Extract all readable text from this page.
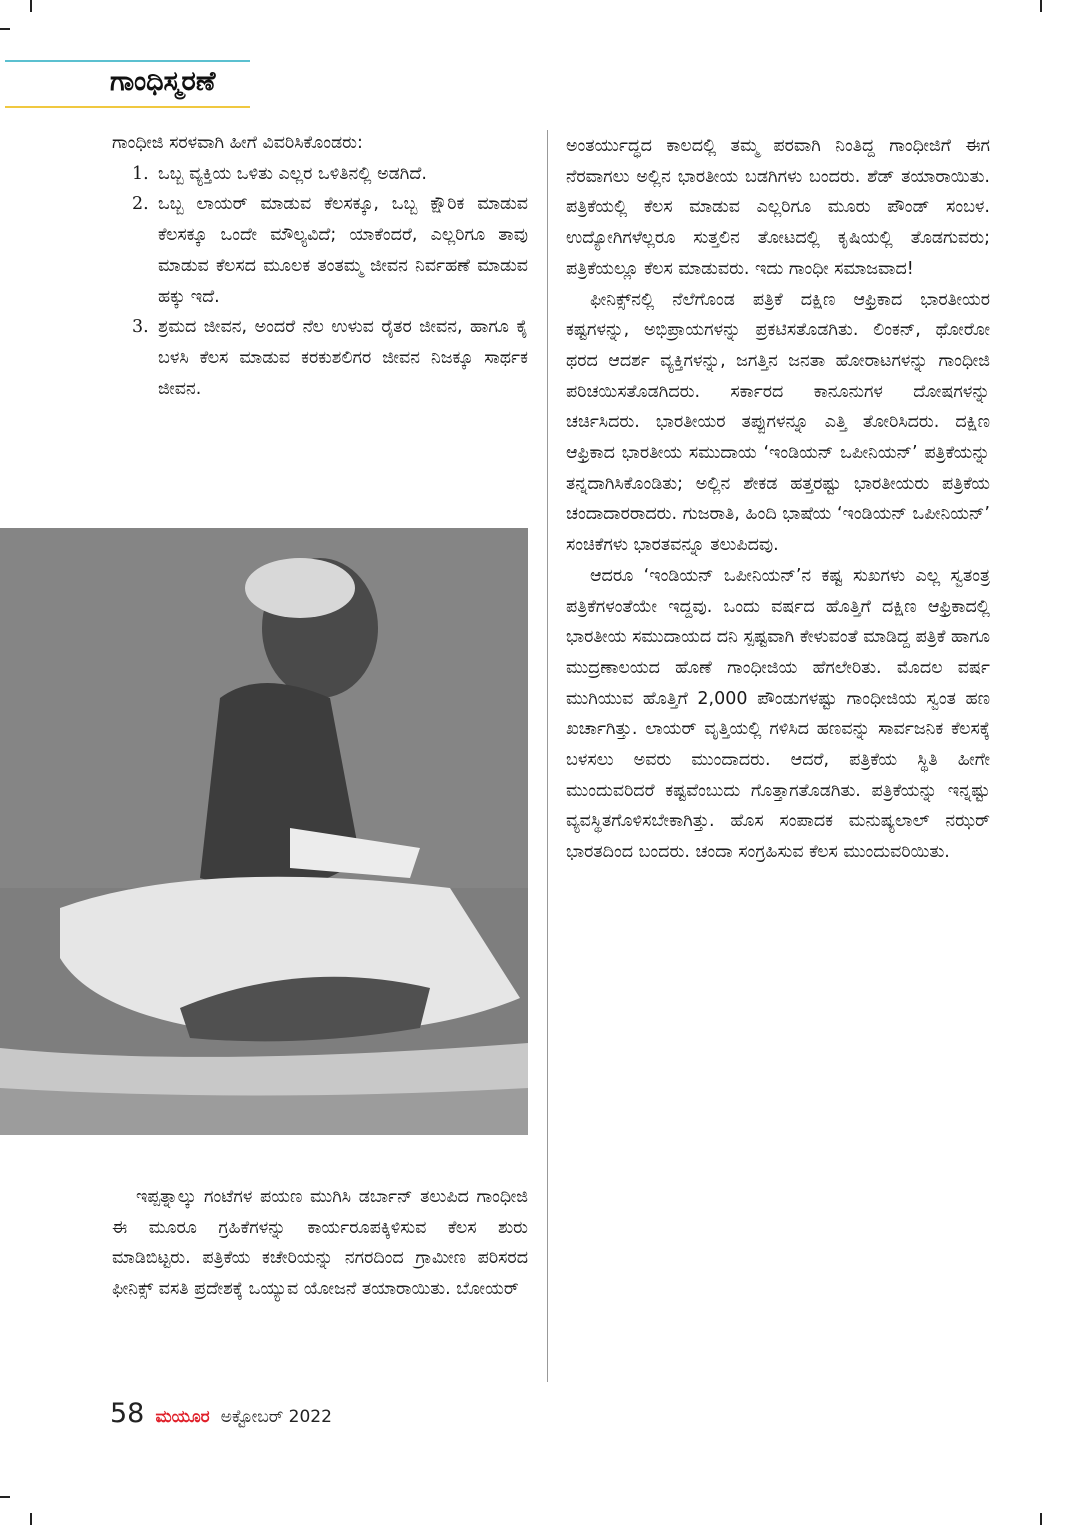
ಗಾಂಧಿಸ್ಮರಣೆ

ಗಾಂಧೀಜಿ ಸರಳವಾಗಿ ಹೀಗೆ ವಿವರಿಸಿಕೊಂಡರು:

1. ಒಬ್ಬ ವ್ಯಕ್ತಿಯ ಒಳಿತು ಎಲ್ಲರ ಒಳಿತಿನಲ್ಲಿ ಅಡಗಿದೆ.
2. ಒಬ್ಬ ಲಾಯರ್ ಮಾಡುವ ಕೆಲಸಕ್ಕೂ, ಒಬ್ಬ ಕ್ಷೌರಿಕ ಮಾಡುವ ಕೆಲಸಕ್ಕೂ ಒಂದೇ ಮೌಲ್ಯವಿದೆ; ಯಾಕೆಂದರೆ, ಎಲ್ಲರಿಗೂ ತಾವು ಮಾಡುವ ಕೆಲಸದ ಮೂಲಕ ತಂತಮ್ಮ ಜೀವನ ನಿರ್ವಹಣೆ ಮಾಡುವ ಹಕ್ಕು ಇದೆ.
3. ಶ್ರಮದ ಜೀವನ, ಅಂದರೆ ನೆಲ ಉಳುವ ರೈತರ ಜೀವನ, ಹಾಗೂ ಕೈ ಬಳಸಿ ಕೆಲಸ ಮಾಡುವ ಕರಕುಶಲಿಗರ ಜೀವನ ನಿಜಕ್ಕೂ ಸಾರ್ಥಕ ಜೀವನ.

ಇಪ್ಪತ್ನಾಲ್ಕು ಗಂಟೆಗಳ ಪಯಣ ಮುಗಿಸಿ ಡರ್ಬಾನ್ ತಲುಪಿದ ಗಾಂಧೀಜಿ ಈ ಮೂರೂ ಗ್ರಹಿಕೆಗಳನ್ನು ಕಾರ್ಯರೂಪಕ್ಕಿಳಿಸುವ ಕೆಲಸ ಶುರು ಮಾಡಿಬಿಟ್ಟರು. ಪತ್ರಿಕೆಯ ಕಚೇರಿಯನ್ನು ನಗರದಿಂದ ಗ್ರಾಮೀಣ ಪರಿಸರದ ಫೀನಿಕ್ಸ್ ವಸತಿ ಪ್ರದೇಶಕ್ಕೆ ಒಯ್ಯುವ ಯೋಜನೆ ತಯಾರಾಯಿತು. ಬೋಯರ್

ಅಂತರ್ಯುದ್ಧದ ಕಾಲದಲ್ಲಿ ತಮ್ಮ ಪರವಾಗಿ ನಿಂತಿದ್ದ ಗಾಂಧೀಜಿಗೆ ಈಗ ನೆರವಾಗಲು ಅಲ್ಲಿನ ಭಾರತೀಯ ಬಡಗಿಗಳು ಬಂದರು. ಶೆಡ್ ತಯಾರಾಯಿತು. ಪತ್ರಿಕೆಯಲ್ಲಿ ಕೆಲಸ ಮಾಡುವ ಎಲ್ಲರಿಗೂ ಮೂರು ಪೌಂಡ್ ಸಂಬಳ. ಉದ್ಯೋಗಿಗಳೆಲ್ಲರೂ ಸುತ್ತಲಿನ ತೋಟದಲ್ಲಿ ಕೃಷಿಯಲ್ಲಿ ತೊಡಗುವರು; ಪತ್ರಿಕೆಯಲ್ಲೂ ಕೆಲಸ ಮಾಡುವರು. ಇದು ಗಾಂಧೀ ಸಮಾಜವಾದ!

ಫೀನಿಕ್ಸ್‌ನಲ್ಲಿ ನೆಲೆಗೊಂಡ ಪತ್ರಿಕೆ ದಕ್ಷಿಣ ಆಫ್ರಿಕಾದ ಭಾರತೀಯರ ಕಷ್ಟಗಳನ್ನು, ಅಭಿಪ್ರಾಯಗಳನ್ನು ಪ್ರಕಟಿಸತೊಡಗಿತು. ಲಿಂಕನ್, ಥೋರೋ ಥರದ ಆದರ್ಶ ವ್ಯಕ್ತಿಗಳನ್ನು, ಜಗತ್ತಿನ ಜನತಾ ಹೋರಾಟಗಳನ್ನು ಗಾಂಧೀಜಿ ಪರಿಚಯಿಸತೊಡಗಿದರು. ಸರ್ಕಾರದ ಕಾನೂನುಗಳ ದೋಷಗಳನ್ನು ಚರ್ಚಿಸಿದರು. ಭಾರತೀಯರ ತಪ್ಪುಗಳನ್ನೂ ಎತ್ತಿ ತೋರಿಸಿದರು. ದಕ್ಷಿಣ ಆಫ್ರಿಕಾದ ಭಾರತೀಯ ಸಮುದಾಯ ‘ಇಂಡಿಯನ್ ಒಪೀನಿಯನ್’ ಪತ್ರಿಕೆಯನ್ನು ತನ್ನದಾಗಿಸಿಕೊಂಡಿತು; ಅಲ್ಲಿನ ಶೇಕಡ ಹತ್ತರಷ್ಟು ಭಾರತೀಯರು ಪತ್ರಿಕೆಯ ಚಂದಾದಾರರಾದರು. ಗುಜರಾತಿ, ಹಿಂದಿ ಭಾಷೆಯ ‘ಇಂಡಿಯನ್ ಒಪೀನಿಯನ್’ ಸಂಚಿಕೆಗಳು ಭಾರತವನ್ನೂ ತಲುಪಿದವು.

ಆದರೂ ‘ಇಂಡಿಯನ್ ಒಪೀನಿಯನ್’ನ ಕಷ್ಟ ಸುಖಗಳು ಎಲ್ಲ ಸ್ವತಂತ್ರ ಪತ್ರಿಕೆಗಳಂತೆಯೇ ಇದ್ದವು. ಒಂದು ವರ್ಷದ ಹೊತ್ತಿಗೆ ದಕ್ಷಿಣ ಆಫ್ರಿಕಾದಲ್ಲಿ ಭಾರತೀಯ ಸಮುದಾಯದ ದನಿ ಸ್ಪಷ್ಟವಾಗಿ ಕೇಳುವಂತೆ ಮಾಡಿದ್ದ ಪತ್ರಿಕೆ ಹಾಗೂ ಮುದ್ರಣಾಲಯದ ಹೊಣೆ ಗಾಂಧೀಜಿಯ ಹೆಗಲೇರಿತು. ಮೊದಲ ವರ್ಷ ಮುಗಿಯುವ ಹೊತ್ತಿಗೆ 2,000 ಪೌಂಡುಗಳಷ್ಟು ಗಾಂಧೀಜಿಯ ಸ್ವಂತ ಹಣ ಖರ್ಚಾಗಿತ್ತು. ಲಾಯರ್ ವೃತ್ತಿಯಲ್ಲಿ ಗಳಿಸಿದ ಹಣವನ್ನು ಸಾರ್ವಜನಿಕ ಕೆಲಸಕ್ಕೆ ಬಳಸಲು ಅವರು ಮುಂದಾದರು. ಆದರೆ, ಪತ್ರಿಕೆಯ ಸ್ಥಿತಿ ಹೀಗೇ ಮುಂದುವರಿದರೆ ಕಷ್ಟವೆಂಬುದು ಗೊತ್ತಾಗತೊಡಗಿತು. ಪತ್ರಿಕೆಯನ್ನು ಇನ್ನಷ್ಟು ವ್ಯವಸ್ಥಿತಗೊಳಿಸಬೇಕಾಗಿತ್ತು. ಹೊಸ ಸಂಪಾದಕ ಮನುಷ್ಯಲಾಲ್ ನಝರ್ ಭಾರತದಿಂದ ಬಂದರು. ಚಂದಾ ಸಂಗ್ರಹಿಸುವ ಕೆಲಸ ಮುಂದುವರಿಯಿತು.

58 ಮಯೂರ ಅಕ್ಟೋಬರ್ 2022
